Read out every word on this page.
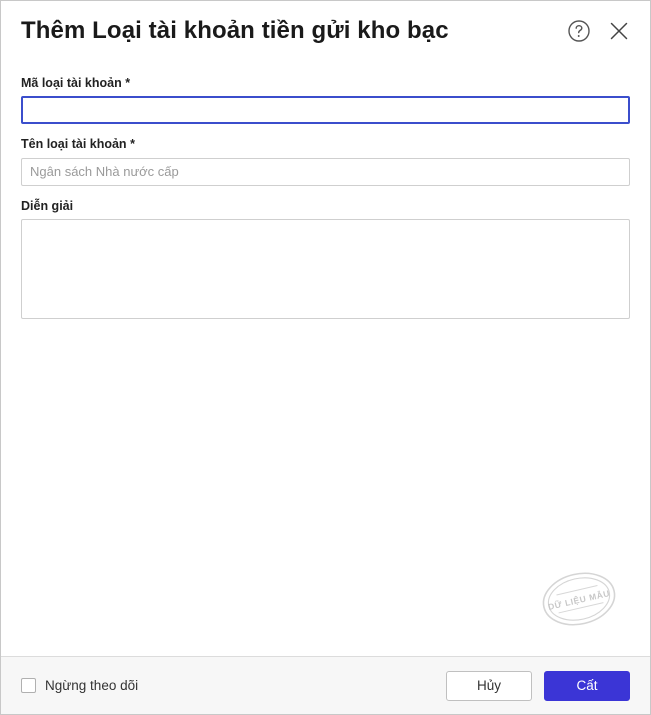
Thêm Loại tài khoản tiền gửi kho bạc
Mã loại tài khoản *
Tên loại tài khoản *
Ngân sách Nhà nước cấp
Diễn giải
DỮ LIỆU MẪU
Ngừng theo dõi	Hủy	Cất
